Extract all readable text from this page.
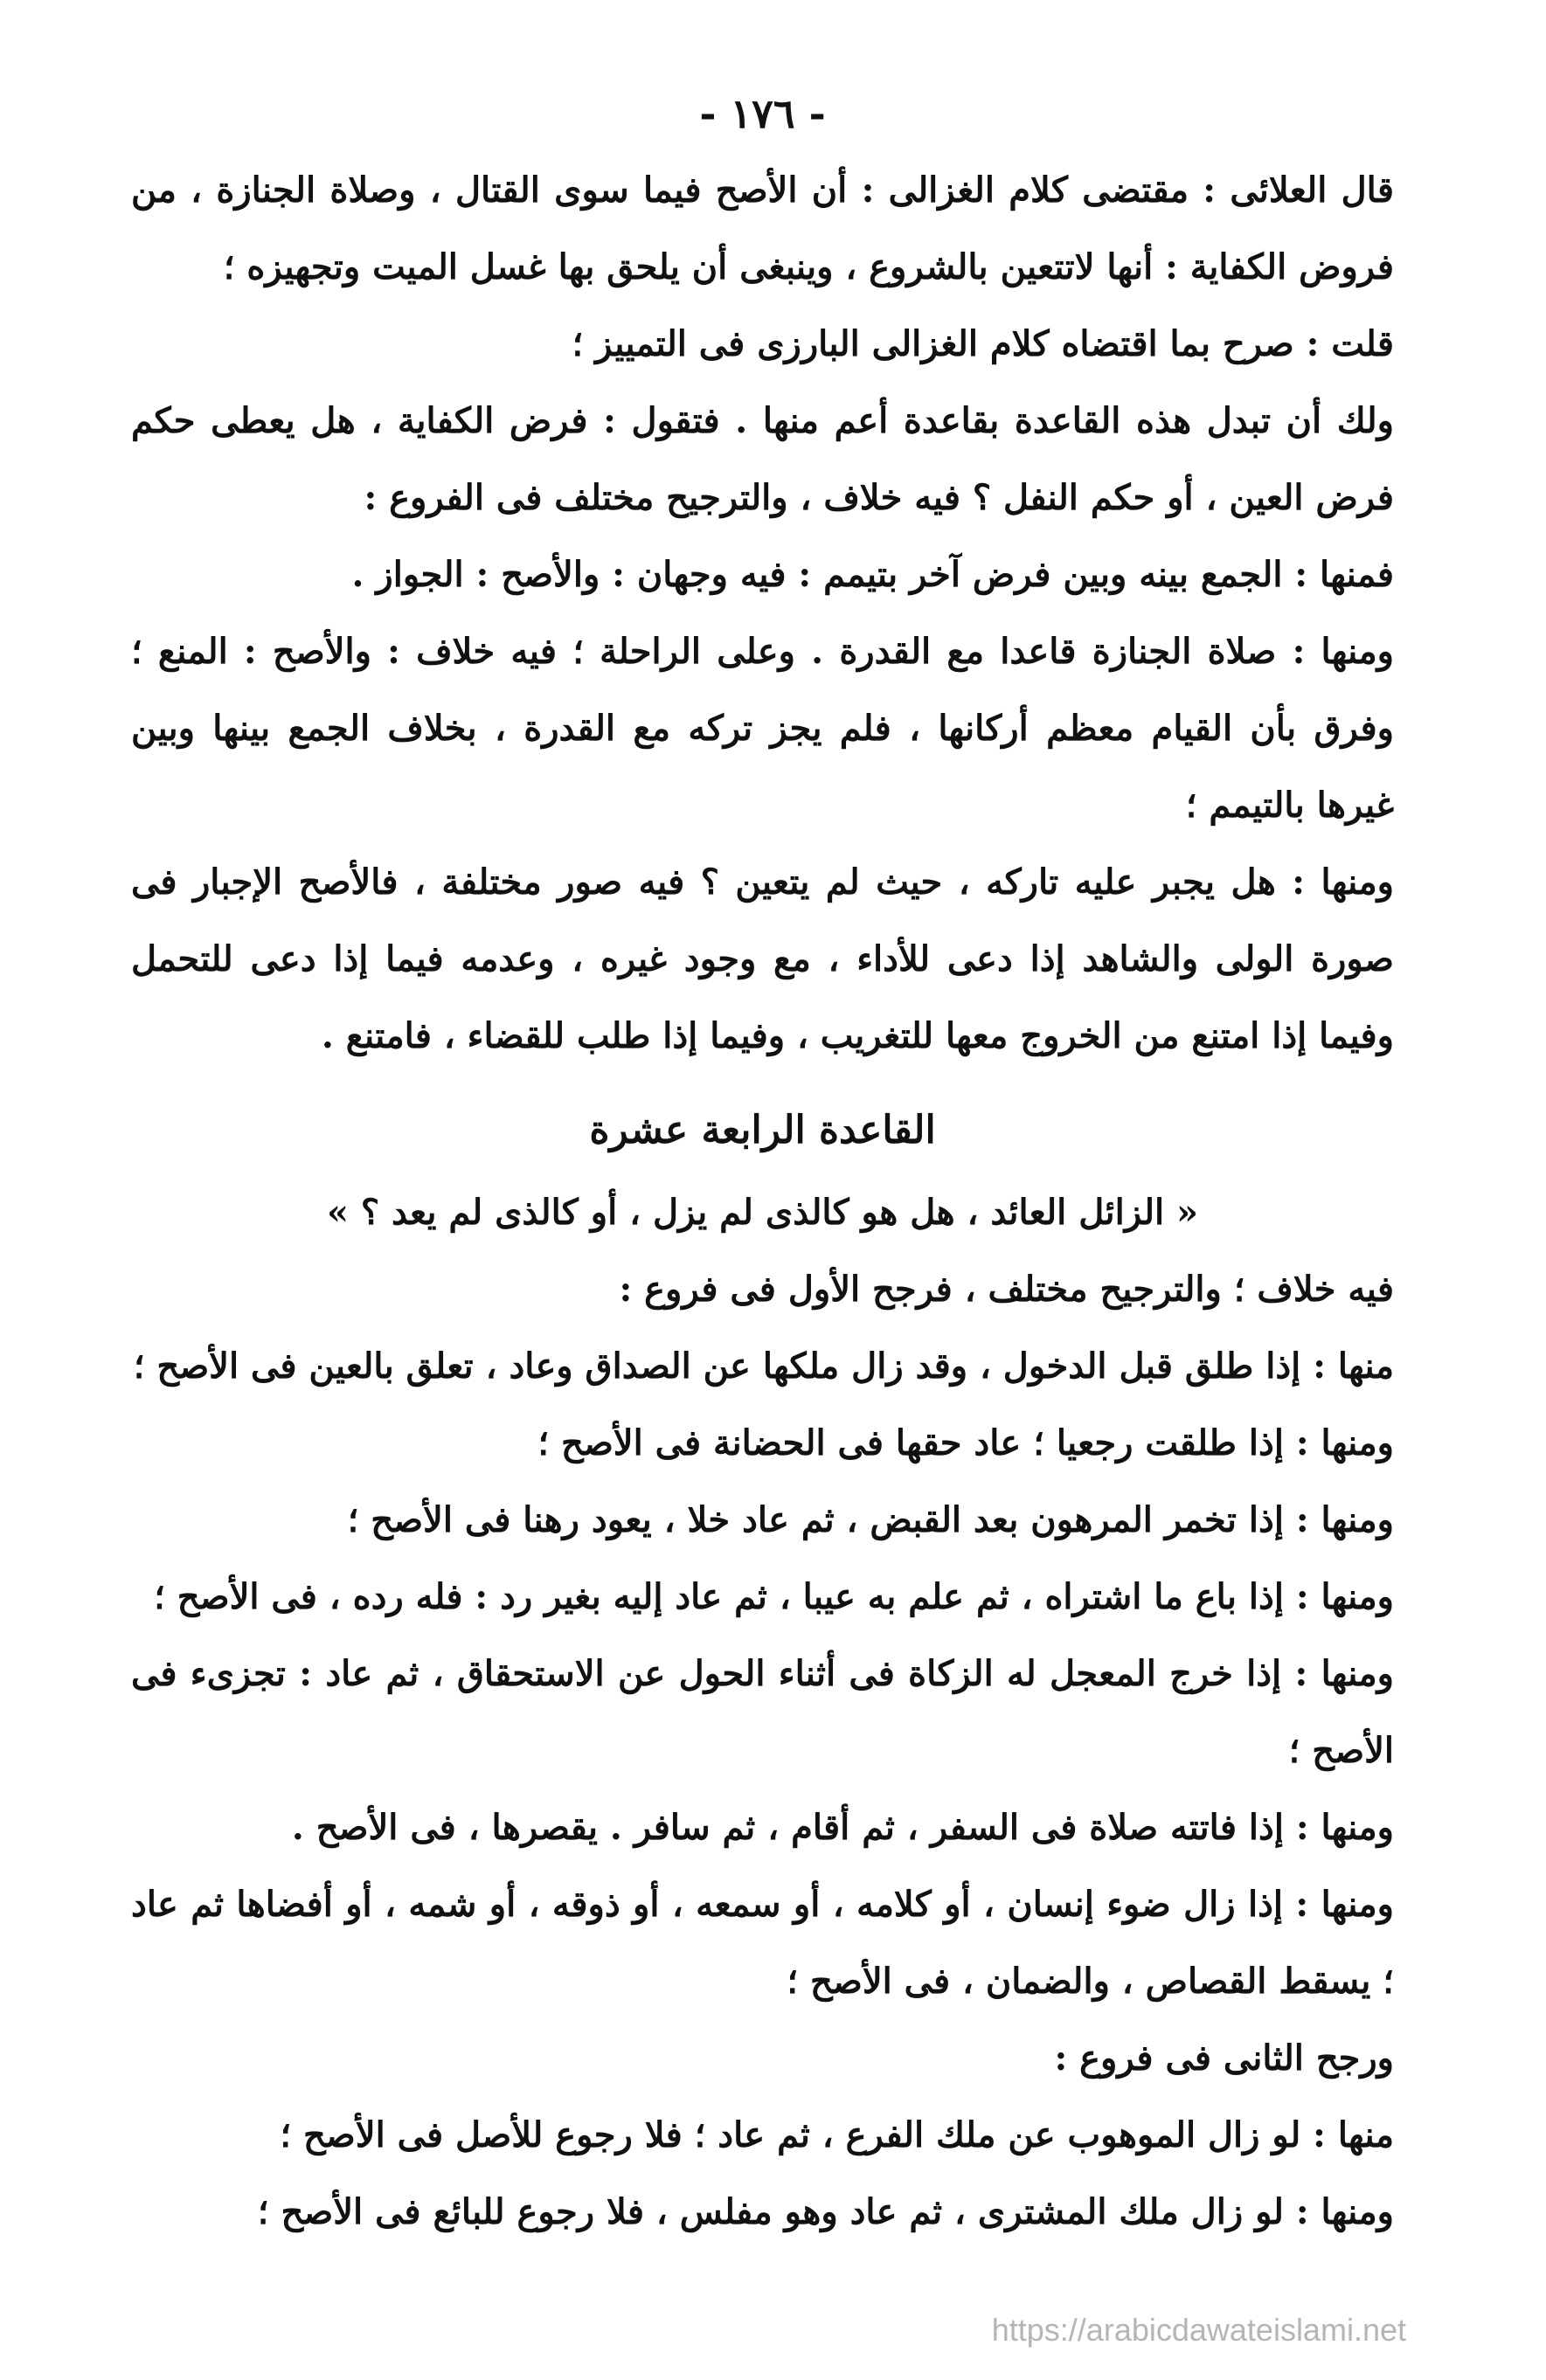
- ١٧٦ -

قال العلائى : مقتضى كلام الغزالى : أن الأصح فيما سوى القتال ، وصلاة الجنازة ، من فروض الكفاية : أنها لاتتعين بالشروع ، وينبغى أن يلحق بها غسل الميت وتجهيزه ؛

قلت : صرح بما اقتضاه كلام الغزالى البارزى فى التمييز ؛

ولك أن تبدل هذه القاعدة بقاعدة أعم منها . فتقول : فرض الكفاية ، هل يعطى حكم فرض العين ، أو حكم النفل ؟ فيه خلاف ، والترجيح مختلف فى الفروع :

فمنها : الجمع بينه وبين فرض آخر بتيمم : فيه وجهان : والأصح : الجواز .

ومنها : صلاة الجنازة قاعدا مع القدرة . وعلى الراحلة ؛ فيه خلاف : والأصح : المنع ؛ وفرق بأن القيام معظم أركانها ، فلم يجز تركه مع القدرة ، بخلاف الجمع بينها وبين غيرها بالتيمم ؛

ومنها : هل يجبر عليه تاركه ، حيث لم يتعين ؟ فيه صور مختلفة ، فالأصح الإجبار فى صورة الولى والشاهد إذا دعى للأداء ، مع وجود غيره ، وعدمه فيما إذا دعى للتحمل وفيما إذا امتنع من الخروج معها للتغريب ، وفيما إذا طلب للقضاء ، فامتنع .

القاعدة الرابعة عشرة
« الزائل العائد ، هل هو كالذى لم يزل ، أو كالذى لم يعد ؟ »

فيه خلاف ؛ والترجيح مختلف ، فرجح الأول فى فروع :

منها : إذا طلق قبل الدخول ، وقد زال ملكها عن الصداق وعاد ، تعلق بالعين فى الأصح ؛

ومنها : إذا طلقت رجعيا ؛ عاد حقها فى الحضانة فى الأصح ؛

ومنها : إذا تخمر المرهون بعد القبض ، ثم عاد خلا ، يعود رهنا فى الأصح ؛

ومنها : إذا باع ما اشتراه ، ثم علم به عيبا ، ثم عاد إليه بغير رد : فله رده ، فى الأصح ؛

ومنها : إذا خرج المعجل له الزكاة فى أثناء الحول عن الاستحقاق ، ثم عاد : تجزىء فى الأصح ؛

ومنها : إذا فاتته صلاة فى السفر ، ثم أقام ، ثم سافر . يقصرها ، فى الأصح .

ومنها : إذا زال ضوء إنسان ، أو كلامه ، أو سمعه ، أو ذوقه ، أو شمه ، أو أفضاها ثم عاد ؛ يسقط القصاص ، والضمان ، فى الأصح ؛

ورجح الثانى فى فروع :

منها : لو زال الموهوب عن ملك الفرع ، ثم عاد ؛ فلا رجوع للأصل فى الأصح ؛

ومنها : لو زال ملك المشترى ، ثم عاد وهو مفلس ، فلا رجوع للبائع فى الأصح ؛

https://arabicdawateislami.net
